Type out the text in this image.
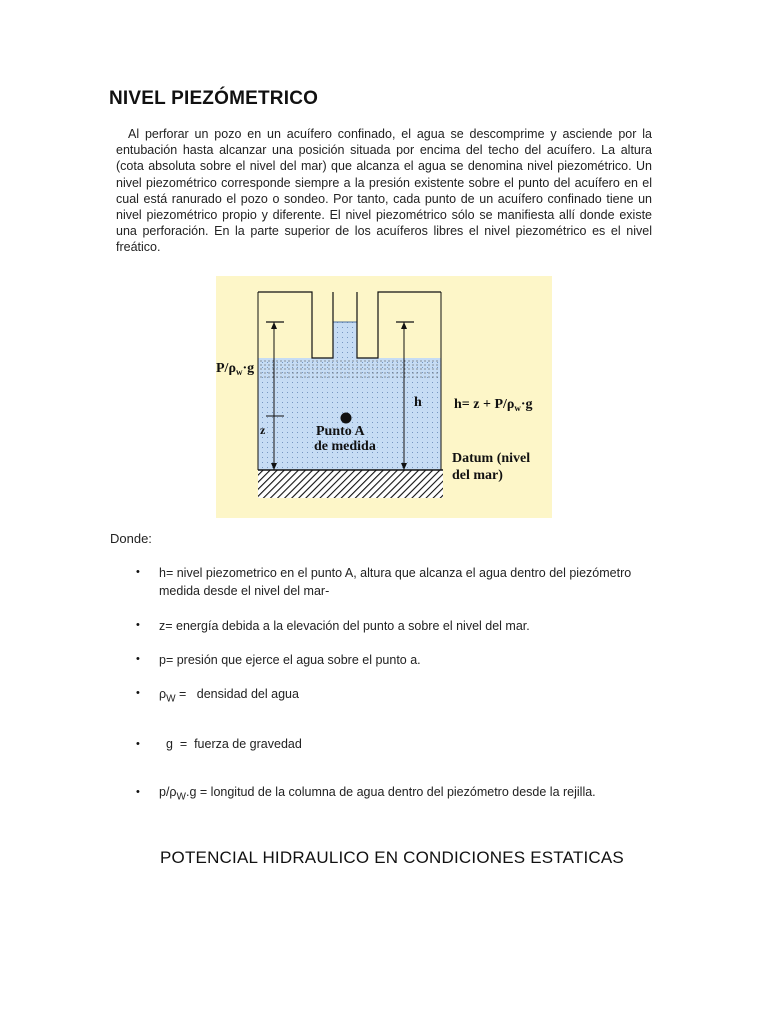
NIVEL PIEZÓMETRICO
Al perforar un pozo en un acuífero confinado, el agua se descomprime y asciende por la entubación hasta alcanzar una posición situada por encima del techo del acuífero. La altura (cota absoluta sobre el nivel del mar) que alcanza el agua se denomina nivel piezométrico. Un nivel piezométrico corresponde siempre a la presión existente sobre el punto del acuífero en el cual está ranurado el pozo o sondeo. Por tanto, cada punto de un acuífero confinado tiene un nivel piezométrico propio y diferente. El nivel piezométrico sólo se manifiesta allí donde existe una perforación. En la parte superior de los acuíferos libres el nivel piezométrico es el nivel freático.
$P/\rho_w\cdot g$
z
h $h= z + P/\rho_w\cdot g$
Punto A
de medida
Datum (nivel
del mar)
Donde:
• h= nivel piezometrico en el punto A, altura que alcanza el agua dentro del piezómetro medida desde el nivel del mar-
• z= energía debida a la elevación del punto a sobre el nivel del mar.
• p= presión que ejerce el agua sobre el punto a.
• $\rho_W$ =   densidad del agua
• g  =  fuerza de gravedad
• $p/\rho_W.g$ = longitud de la columna de agua dentro del piezómetro desde la rejilla.
POTENCIAL HIDRAULICO EN CONDICIONES ESTATICAS
